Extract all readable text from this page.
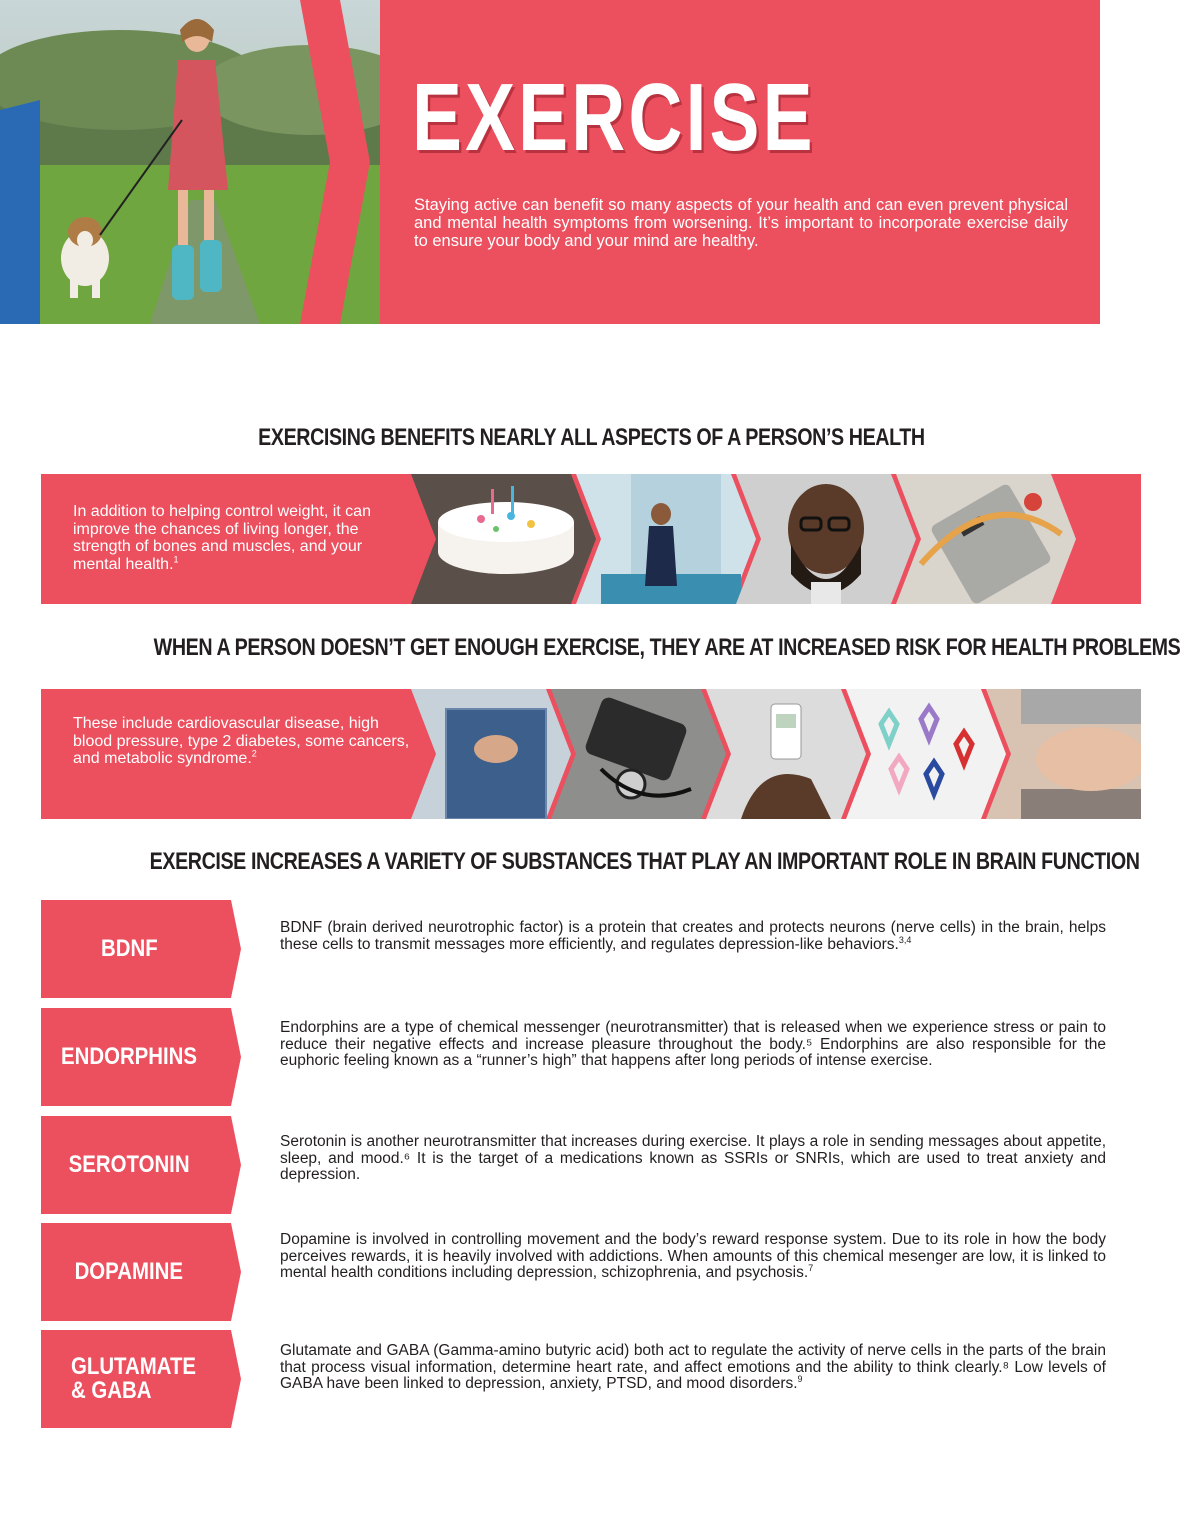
EXERCISE
Staying active can benefit so many aspects of your health and can even prevent physical and mental health symptoms from worsening. It’s important to incorporate exercise daily to ensure your body and your mind are healthy.
EXERCISING BENEFITS NEARLY ALL ASPECTS OF A PERSON’S HEALTH
In addition to helping control weight, it can improve the chances of living longer, the strength of bones and muscles, and your mental health.$^1$
WHEN A PERSON DOESN’T GET ENOUGH EXERCISE, THEY ARE AT INCREASED RISK FOR HEALTH PROBLEMS
These include cardiovascular disease, high blood pressure, type 2 diabetes, some cancers, and metabolic syndrome.$^2$
EXERCISE INCREASES A VARIETY OF SUBSTANCES THAT PLAY AN IMPORTANT ROLE IN BRAIN FUNCTION
BDNF
BDNF (brain derived neurotrophic factor) is a protein that creates and protects neurons (nerve cells) in the brain, helps these cells to transmit messages more efficiently, and regulates depression-like behaviors.$^{3,4}$
ENDORPHINS
Endorphins are a type of chemical messenger (neurotransmitter) that is released when we experience stress or pain to reduce their negative effects and increase pleasure throughout the body.⁵ Endorphins are also responsible for the euphoric feeling known as a “runner’s high” that happens after long periods of intense exercise.
SEROTONIN
Serotonin is another neurotransmitter that increases during exercise. It plays a role in sending messages about appetite, sleep, and mood.⁶ It is the target of a medications known as SSRIs or SNRIs, which are used to treat anxiety and depression.
DOPAMINE
Dopamine is involved in controlling movement and the body’s reward response system. Due to its role in how the body perceives rewards, it is heavily involved with addictions. When amounts of this chemical mesenger are low, it is linked to mental health conditions including depression, schizophrenia, and psychosis.$^7$
GLUTAMATE
& GABA
Glutamate and GABA (Gamma-amino butyric acid) both act to regulate the activity of nerve cells in the parts of the brain that process visual information, determine heart rate, and affect emotions and the ability to think clearly.⁸ Low levels of GABA have been linked to depression, anxiety, PTSD, and mood disorders.$^9$
